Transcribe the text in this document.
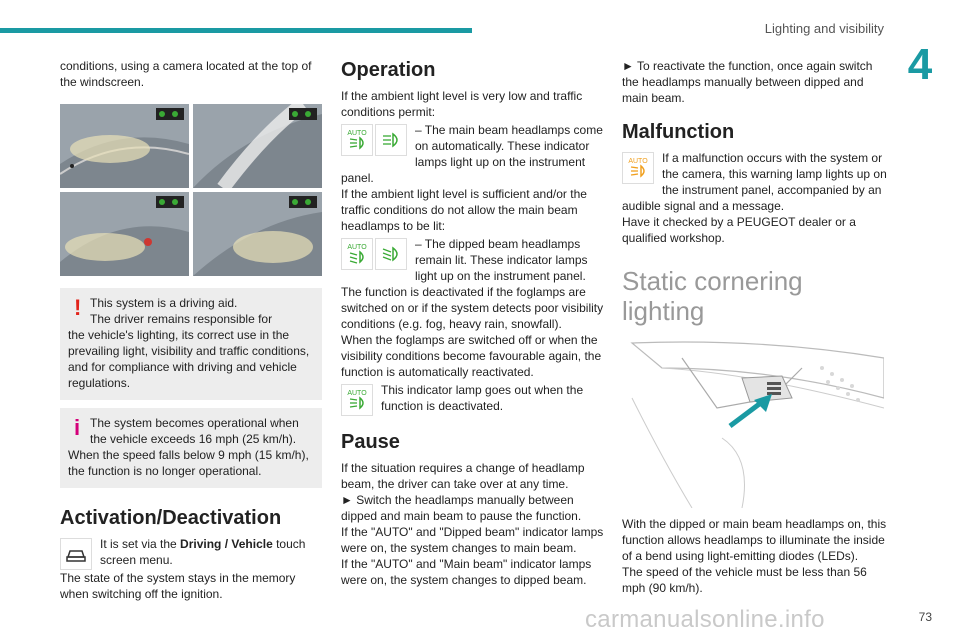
Lighting and visibility
4

conditions, using a camera located at the top of the windscreen.

! This system is a driving aid.

The driver remains responsible for

the vehicle's lighting, its correct use in the prevailing light, visibility and traffic conditions, and for compliance with driving and vehicle regulations.

i The system becomes operational when

the vehicle exceeds 16 mph (25 km/h).

When the speed falls below 9 mph (15 km/h), the function is no longer operational.

Activation/Deactivation

It is set via the Driving / Vehicle touch screen menu.

The state of the system stays in the memory when switching off the ignition.

Operation

If the ambient light level is very low and traffic conditions permit:

AUTO	– The main beam headlamps come on automatically. These indicator lamps light up on the instrument panel.

If the ambient light level is sufficient and/or the traffic conditions do not allow the main beam headlamps to be lit:

AUTO	– The dipped beam headlamps remain lit. These indicator lamps light up on the instrument panel.

The function is deactivated if the foglamps are switched on or if the system detects poor visibility conditions (e.g. fog, heavy rain, snowfall).

When the foglamps are switched off or when the visibility conditions become favourable again, the function is automatically reactivated.

AUTO	This indicator lamp goes out when the function is deactivated.

Pause

If the situation requires a change of headlamp beam, the driver can take over at any time.

► Switch the headlamps manually between dipped and main beam to pause the function.

If the "AUTO" and "Dipped beam" indicator lamps were on, the system changes to main beam.

If the "AUTO" and "Main beam" indicator lamps were on, the system changes to dipped beam.

► To reactivate the function, once again switch the headlamps manually between dipped and main beam.

Malfunction
AUTO	If a malfunction occurs with the system or the camera, this warning lamp lights up on the instrument panel, accompanied by an audible signal and a message.

Have it checked by a PEUGEOT dealer or a qualified workshop.

Static cornering lighting

With the dipped or main beam headlamps on, this function allows headlamps to illuminate the inside of a bend using light-emitting diodes (LEDs).

The speed of the vehicle must be less than 56 mph (90 km/h).

carmanualsonline.info	73
